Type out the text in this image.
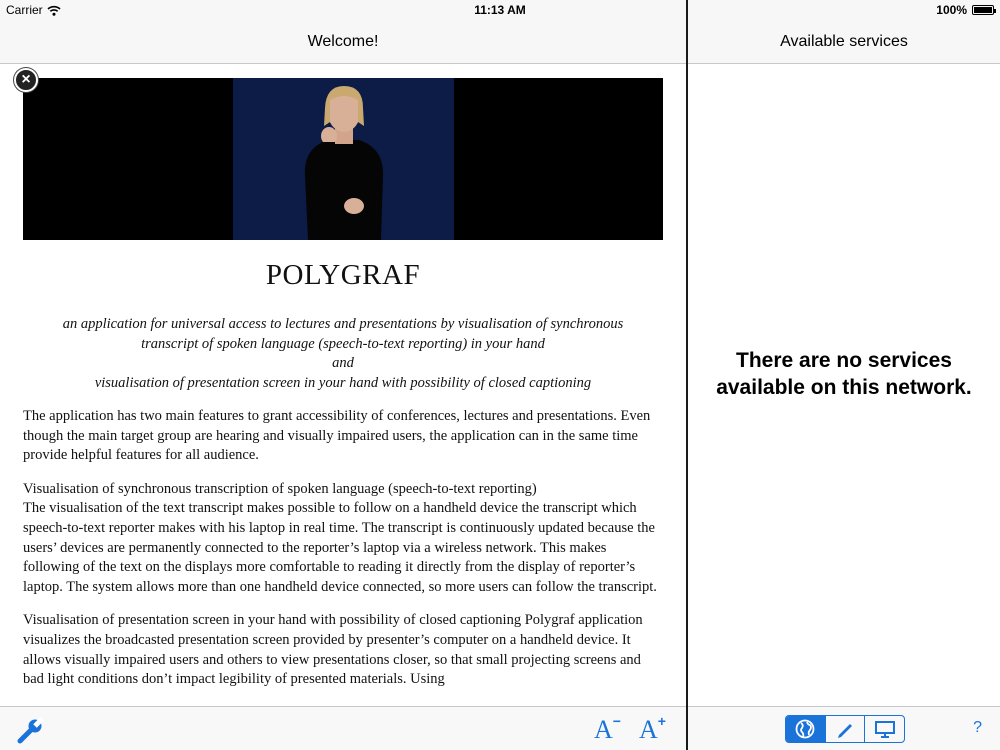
Carrier	11:13 AM	100%
Welcome!	Available services
×
POLYGRAF
an application for universal access to lectures and presentations by visualisation of synchronous
transcript of spoken language (speech-to-text reporting) in your hand
and
visualisation of presentation screen in your hand with possibility of closed captioning

The application has two main features to grant accessibility of conferences, lectures and presentations. Even though the main target group are hearing and visually impaired users, the application can in the same time provide helpful features for all audience.

Visualisation of synchronous transcription of spoken language (speech-to-text reporting)
The visualisation of the text transcript makes possible to follow on a handheld device the transcript which speech-to-text reporter makes with his laptop in real time. The transcript is continuously updated because the users’ devices are permanently connected to the reporter’s laptop via a wireless network. This makes following of the text on the displays more comfortable to reading it directly from the display of reporter’s laptop. The system allows more than one handheld device connected, so more users can follow the transcript.

Visualisation of presentation screen in your hand with possibility of closed captioning Polygraf application visualizes the broadcasted presentation screen provided by presenter’s computer on a handheld device. It allows visually impaired users and others to view presentations closer, so that small projecting screens and bad light conditions don’t impact legibility of presented materials. Using

There are no services
available on this network.
A− A+	?
